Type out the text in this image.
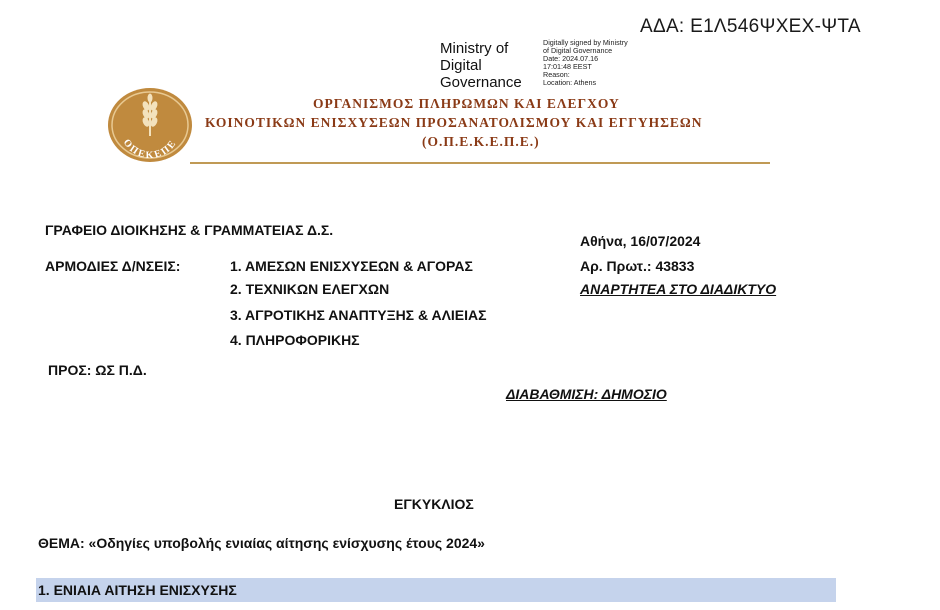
ΑΔΑ: Ε1Λ546ΨΧΕΧ-ΨΤΑ
Ministry of
Digital
Governance
Digitally signed by Ministry
of Digital Governance
Date: 2024.07.16
17:01:48 EEST
Reason:
Location: Athens
ΟΠΕΚΕΠΕ
ΟΡΓΑΝΙΣΜΟΣ ΠΛΗΡΩΜΩΝ ΚΑΙ ΕΛΕΓΧΟΥ
ΚΟΙΝΟΤΙΚΩΝ ΕΝΙΣΧΥΣΕΩΝ ΠΡΟΣΑΝΑΤΟΛΙΣΜΟΥ ΚΑΙ ΕΓΓΥΗΣΕΩΝ
(Ο.Π.Ε.Κ.Ε.Π.Ε.)
ΓΡΑΦΕΙΟ ΔΙΟΙΚΗΣΗΣ & ΓΡΑΜΜΑΤΕΙΑΣ Δ.Σ.
ΑΡΜΟΔΙΕΣ Δ/ΝΣΕΙΣ:	1. ΑΜΕΣΩΝ ΕΝΙΣΧΥΣΕΩΝ & ΑΓΟΡΑΣ
2. ΤΕΧΝΙΚΩΝ ΕΛΕΓΧΩΝ
3. ΑΓΡΟΤΙΚΗΣ ΑΝΑΠΤΥΞΗΣ & ΑΛΙΕΙΑΣ
4. ΠΛΗΡΟΦΟΡΙΚΗΣ
Αθήνα, 16/07/2024
Αρ. Πρωτ.: 43833
ΑΝΑΡΤΗΤΕΑ ΣΤΟ ΔΙΑΔΙΚΤΥΟ
ΠΡΟΣ: ΩΣ Π.Δ.
ΔΙΑΒΑΘΜΙΣΗ: ΔΗΜΟΣΙΟ
ΕΓΚΥΚΛΙΟΣ
ΘΕΜΑ: «Οδηγίες υποβολής ενιαίας αίτησης ενίσχυσης έτους 2024»
1. ΕΝΙΑΙΑ ΑΙΤΗΣΗ ΕΝΙΣΧΥΣΗΣ
